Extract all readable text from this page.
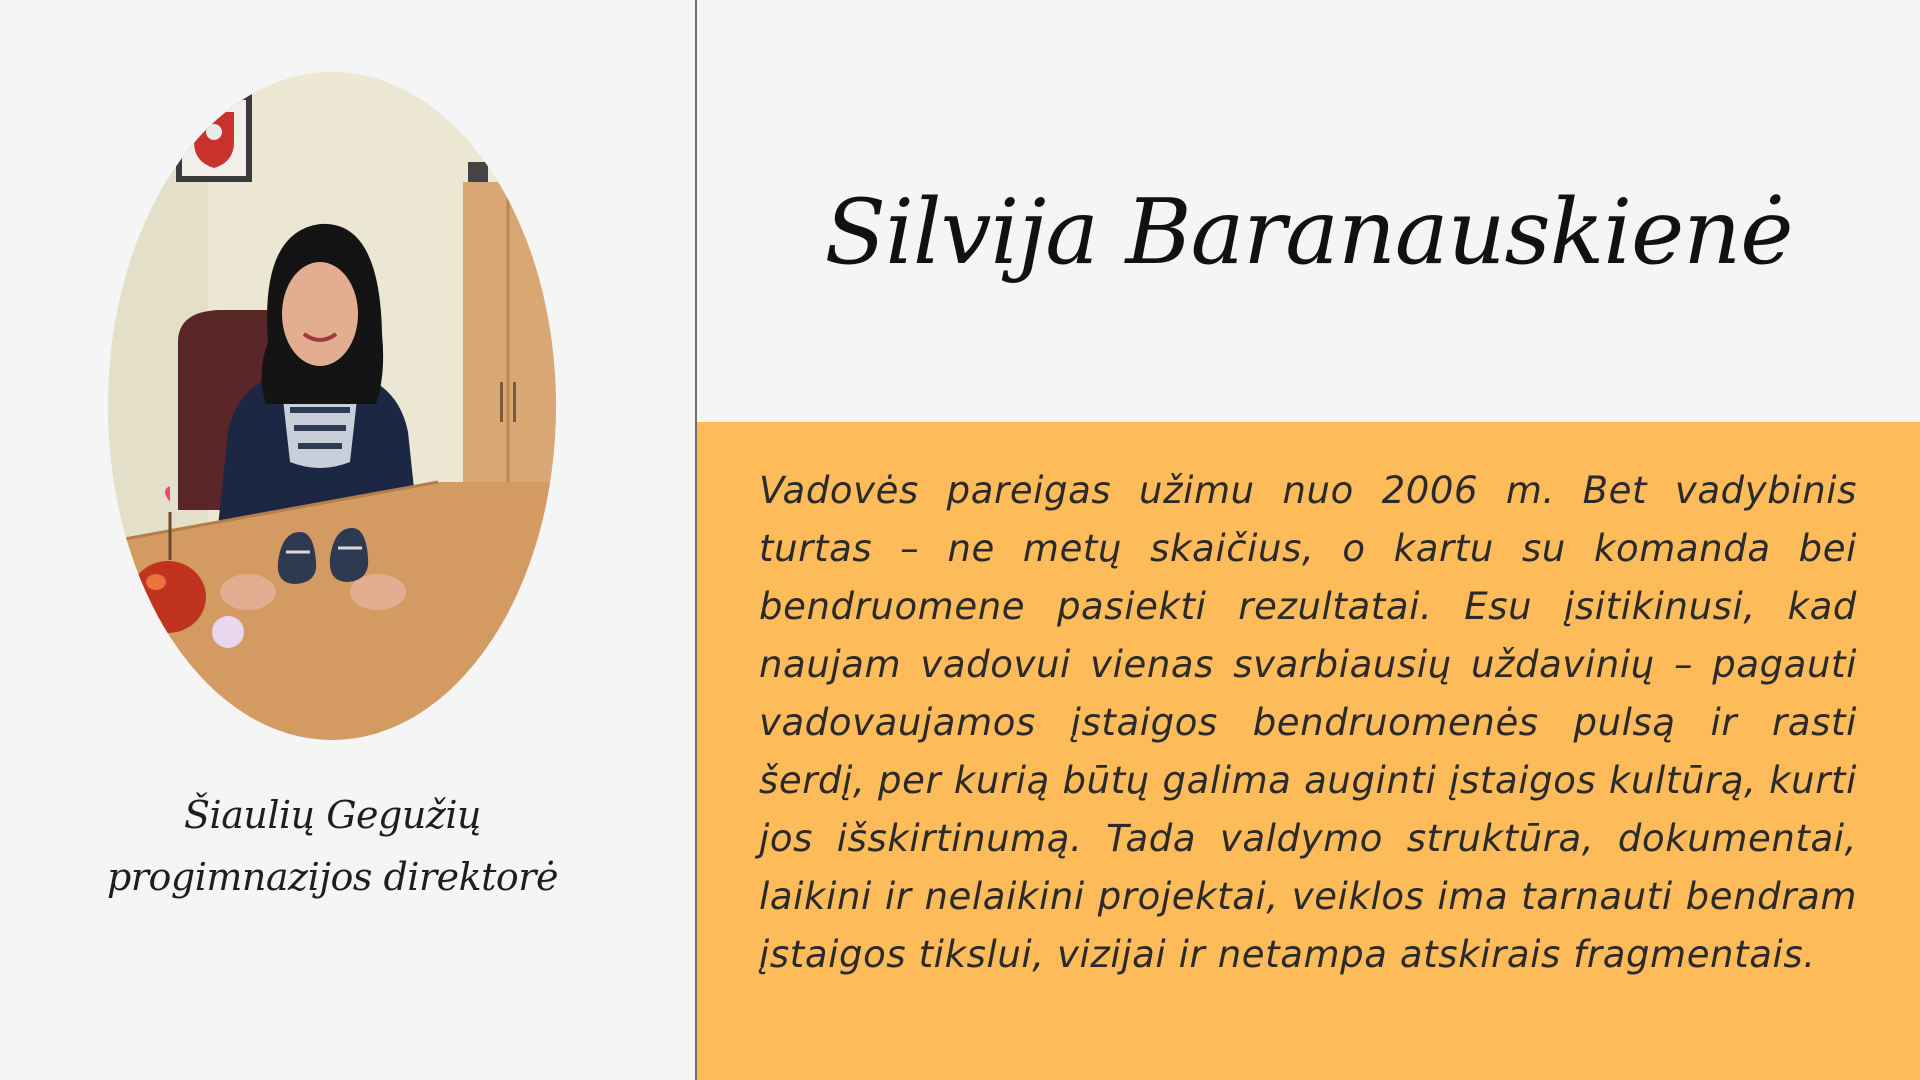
Šiaulių Gegužių
progimnazijos direktorė
Silvija Baranauskienė

Vadovės pareigas užimu nuo 2006 m. Bet vadybinis turtas – ne metų skaičius, o kartu su komanda bei bendruomene pasiekti rezultatai. Esu įsitikinusi, kad naujam vadovui vienas svarbiausių uždavinių – pagauti vadovaujamos įstaigos bendruomenės pulsą ir rasti šerdį, per kurią būtų galima auginti įstaigos kultūrą, kurti jos išskirtinumą. Tada valdymo struktūra, dokumentai, laikini ir nelaikini projektai, veiklos ima tarnauti bendram įstaigos tikslui, vizijai ir netampa atskirais fragmentais.
